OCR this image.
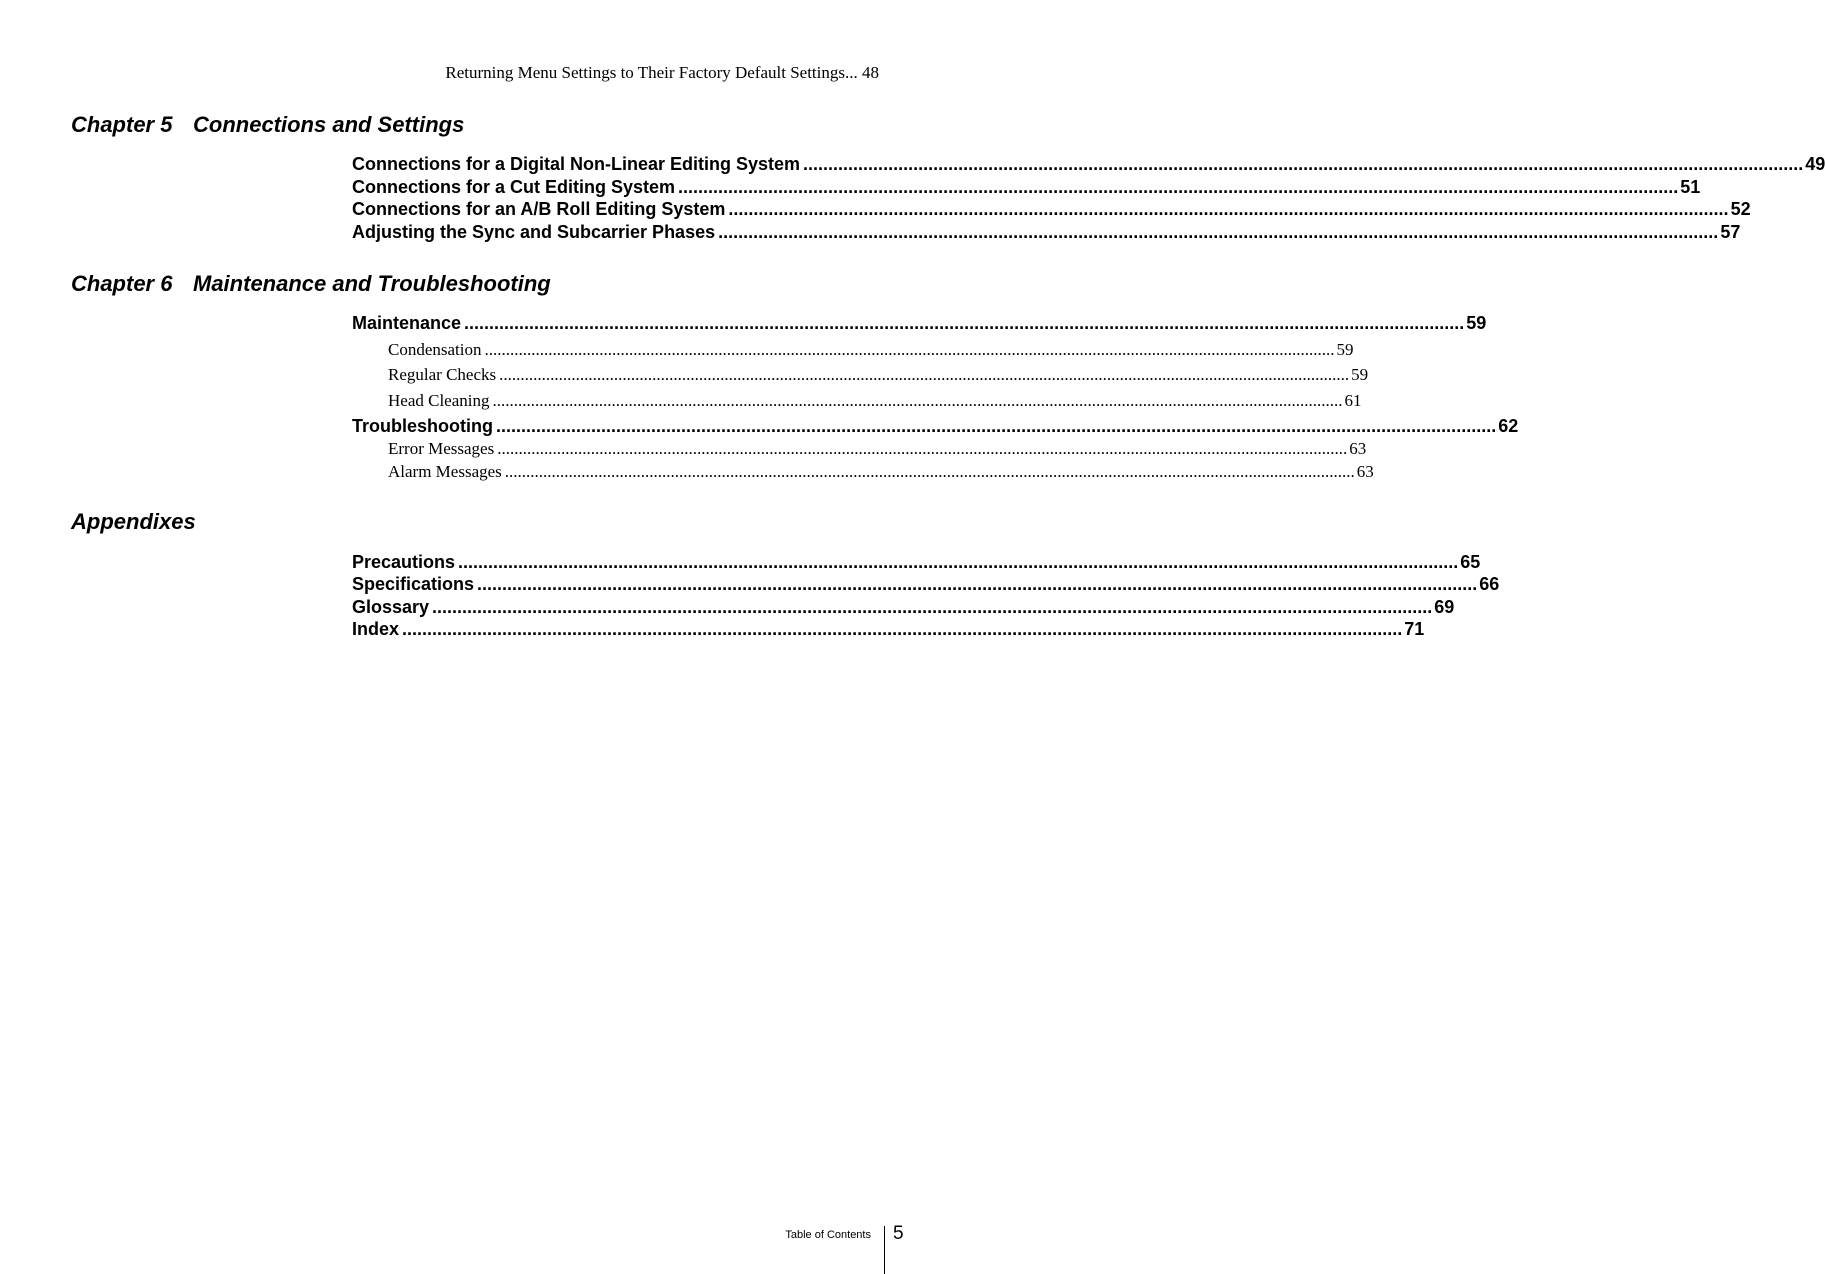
Returning Menu Settings to Their Factory Default Settings ...
48
Chapter 5 Connections and Settings
Connections for a Digital Non-Linear Editing System ........................................................................................................................................................................................................ 49
Connections for a Cut Editing System ........................................................................................................................................................................................................ 51
Connections for an A/B Roll Editing System ........................................................................................................................................................................................................ 52
Adjusting the Sync and Subcarrier Phases ........................................................................................................................................................................................................ 57
Chapter 6 Maintenance and Troubleshooting
Maintenance ........................................................................................................................................................................................................ 59
Condensation ........................................................................................................................................................................................................ 59
Regular Checks ........................................................................................................................................................................................................ 59
Head Cleaning ........................................................................................................................................................................................................ 61
Troubleshooting ........................................................................................................................................................................................................ 62
Error Messages ........................................................................................................................................................................................................ 63
Alarm Messages ........................................................................................................................................................................................................ 63
Appendixes
Precautions ........................................................................................................................................................................................................ 65
Specifications ........................................................................................................................................................................................................ 66
Glossary ........................................................................................................................................................................................................ 69
Index ........................................................................................................................................................................................................ 71
Table of Contents 5
